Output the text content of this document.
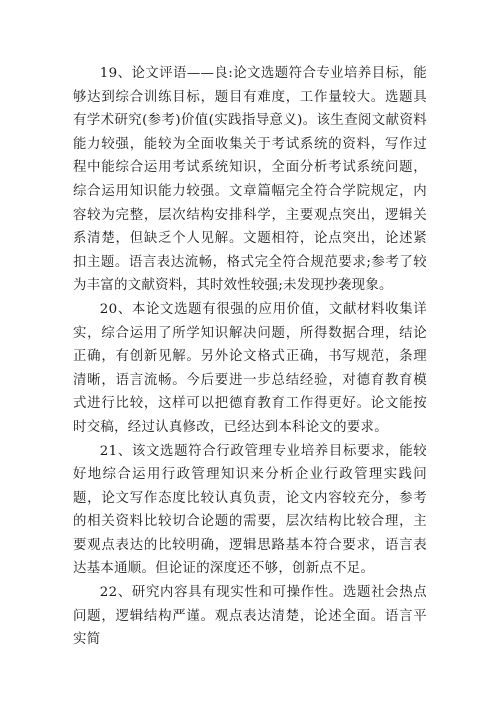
19、论文评语——良:论文选题符合专业培养目标，能够达到综合训练目标，题目有难度，工作量较大。选题具有学术研究(参考)价值(实践指导意义)。该生查阅文献资料能力较强，能较为全面收集关于考试系统的资料，写作过程中能综合运用考试系统知识，全面分析考试系统问题，综合运用知识能力较强。文章篇幅完全符合学院规定，内容较为完整，层次结构安排科学，主要观点突出，逻辑关系清楚，但缺乏个人见解。文题相符，论点突出，论述紧扣主题。语言表达流畅，格式完全符合规范要求;参考了较为丰富的文献资料，其时效性较强;未发现抄袭现象。

20、本论文选题有很强的应用价值，文献材料收集详实，综合运用了所学知识解决问题，所得数据合理，结论正确，有创新见解。另外论文格式正确，书写规范，条理清晰，语言流畅。今后要进一步总结经验，对德育教育模式进行比较，这样可以把德育教育工作得更好。论文能按时交稿，经过认真修改，已经达到本科论文的要求。

21、该文选题符合行政管理专业培养目标要求，能较好地综合运用行政管理知识来分析企业行政管理实践问题，论文写作态度比较认真负责，论文内容较充分，参考的相关资料比较切合论题的需要，层次结构比较合理，主要观点表达的比较明确，逻辑思路基本符合要求，语言表达基本通顺。但论证的深度还不够，创新点不足。

22、研究内容具有现实性和可操作性。选题社会热点问题，逻辑结构严谨。观点表达清楚，论述全面。语言平实简
